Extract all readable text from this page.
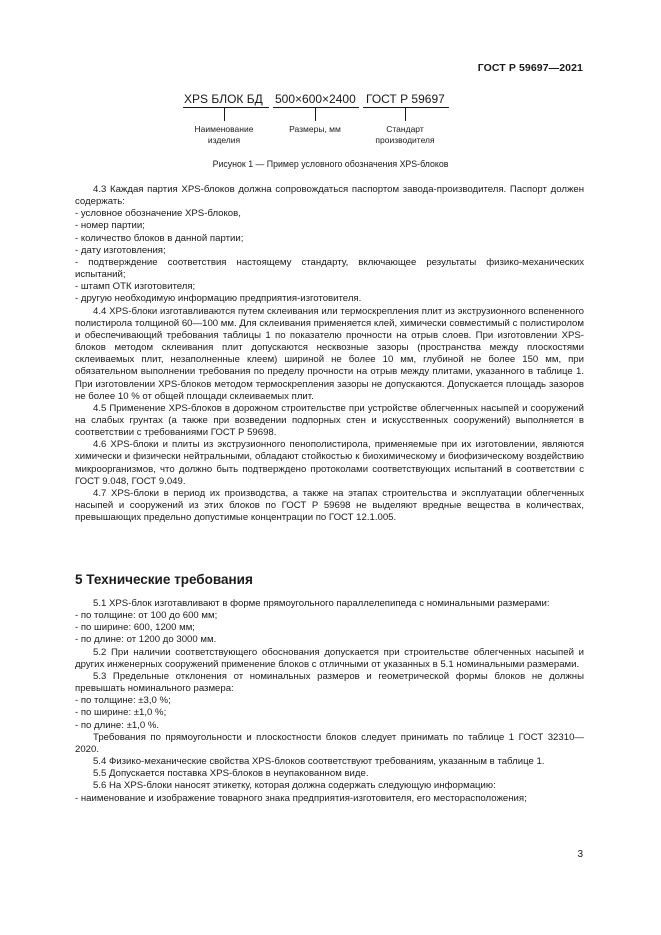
ГОСТ Р 59697—2021
XPS БЛОК БД 500×600×2400 ГОСТ Р 59697
Наименование
изделия
Размеры, мм	Стандарт
производителя
Рисунок 1 — Пример условного обозначения XPS-блоков

4.3 Каждая партия XPS-блоков должна сопровождаться паспортом завода-производителя. Паспорт должен содержать:

- условное обозначение XPS-блоков,

- номер партии;

- количество блоков в данной партии;

- дату изготовления;

- подтверждение соответствия настоящему стандарту, включающее результаты физико-механических испытаний;

- штамп ОТК изготовителя;

- другую необходимую информацию предприятия-изготовителя.

4.4 XPS-блоки изготавливаются путем склеивания или термоскрепления плит из экструзионного вспененного полистирола толщиной 60—100 мм. Для склеивания применяется клей, химически совместимый с полистиролом и обеспечивающий требования таблицы 1 по показателю прочности на отрыв слоев. При изготовлении XPS-блоков методом склеивания плит допускаются несквозные зазоры (пространства между плоскостями склеиваемых плит, незаполненные клеем) шириной не более 10 мм, глубиной не более 150 мм, при обязательном выполнении требования по пределу прочности на отрыв между плитами, указанного в таблице 1. При изготовлении XPS-блоков методом термоскрепления зазоры не допускаются. Допускается площадь зазоров не более 10 % от общей площади склеиваемых плит.

4.5 Применение XPS-блоков в дорожном строительстве при устройстве облегченных насыпей и сооружений на слабых грунтах (а также при возведении подпорных стен и искусственных сооружений) выполняется в соответствии с требованиями ГОСТ Р 59698.

4.6 XPS-блоки и плиты из экструзионного пенополистирола, применяемые при их изготовлении, являются химически и физически нейтральными, обладают стойкостью к биохимическому и биофизическому воздействию микроорганизмов, что должно быть подтверждено протоколами соответствующих испытаний в соответствии с ГОСТ 9.048, ГОСТ 9.049.

4.7 XPS-блоки в период их производства, а также на этапах строительства и эксплуатации облегченных насыпей и сооружений из этих блоков по ГОСТ Р 59698 не выделяют вредные вещества в количествах, превышающих предельно допустимые концентрации по ГОСТ 12.1.005.

5 Технические требования

5.1 XPS-блок изготавливают в форме прямоугольного параллелепипеда с номинальными размерами:

- по толщине: от 100 до 600 мм;

- по ширине: 600, 1200 мм;

- по длине: от 1200 до 3000 мм.

5.2 При наличии соответствующего обоснования допускается при строительстве облегченных насыпей и других инженерных сооружений применение блоков с отличными от указанных в 5.1 номинальными размерами.

5.3 Предельные отклонения от номинальных размеров и геометрической формы блоков не должны превышать номинального размера:

- по толщине: ±3,0 %;

- по ширине: ±1,0 %;

- по длине: ±1,0 %.

Требования по прямоугольности и плоскостности блоков следует принимать по таблице 1 ГОСТ 32310—2020.

5.4 Физико-механические свойства XPS-блоков соответствуют требованиям, указанным в таблице 1.

5.5 Допускается поставка XPS-блоков в неупакованном виде.

5.6 На XPS-блоки наносят этикетку, которая должна содержать следующую информацию:

- наименование и изображение товарного знака предприятия-изготовителя, его месторасположения;

3
